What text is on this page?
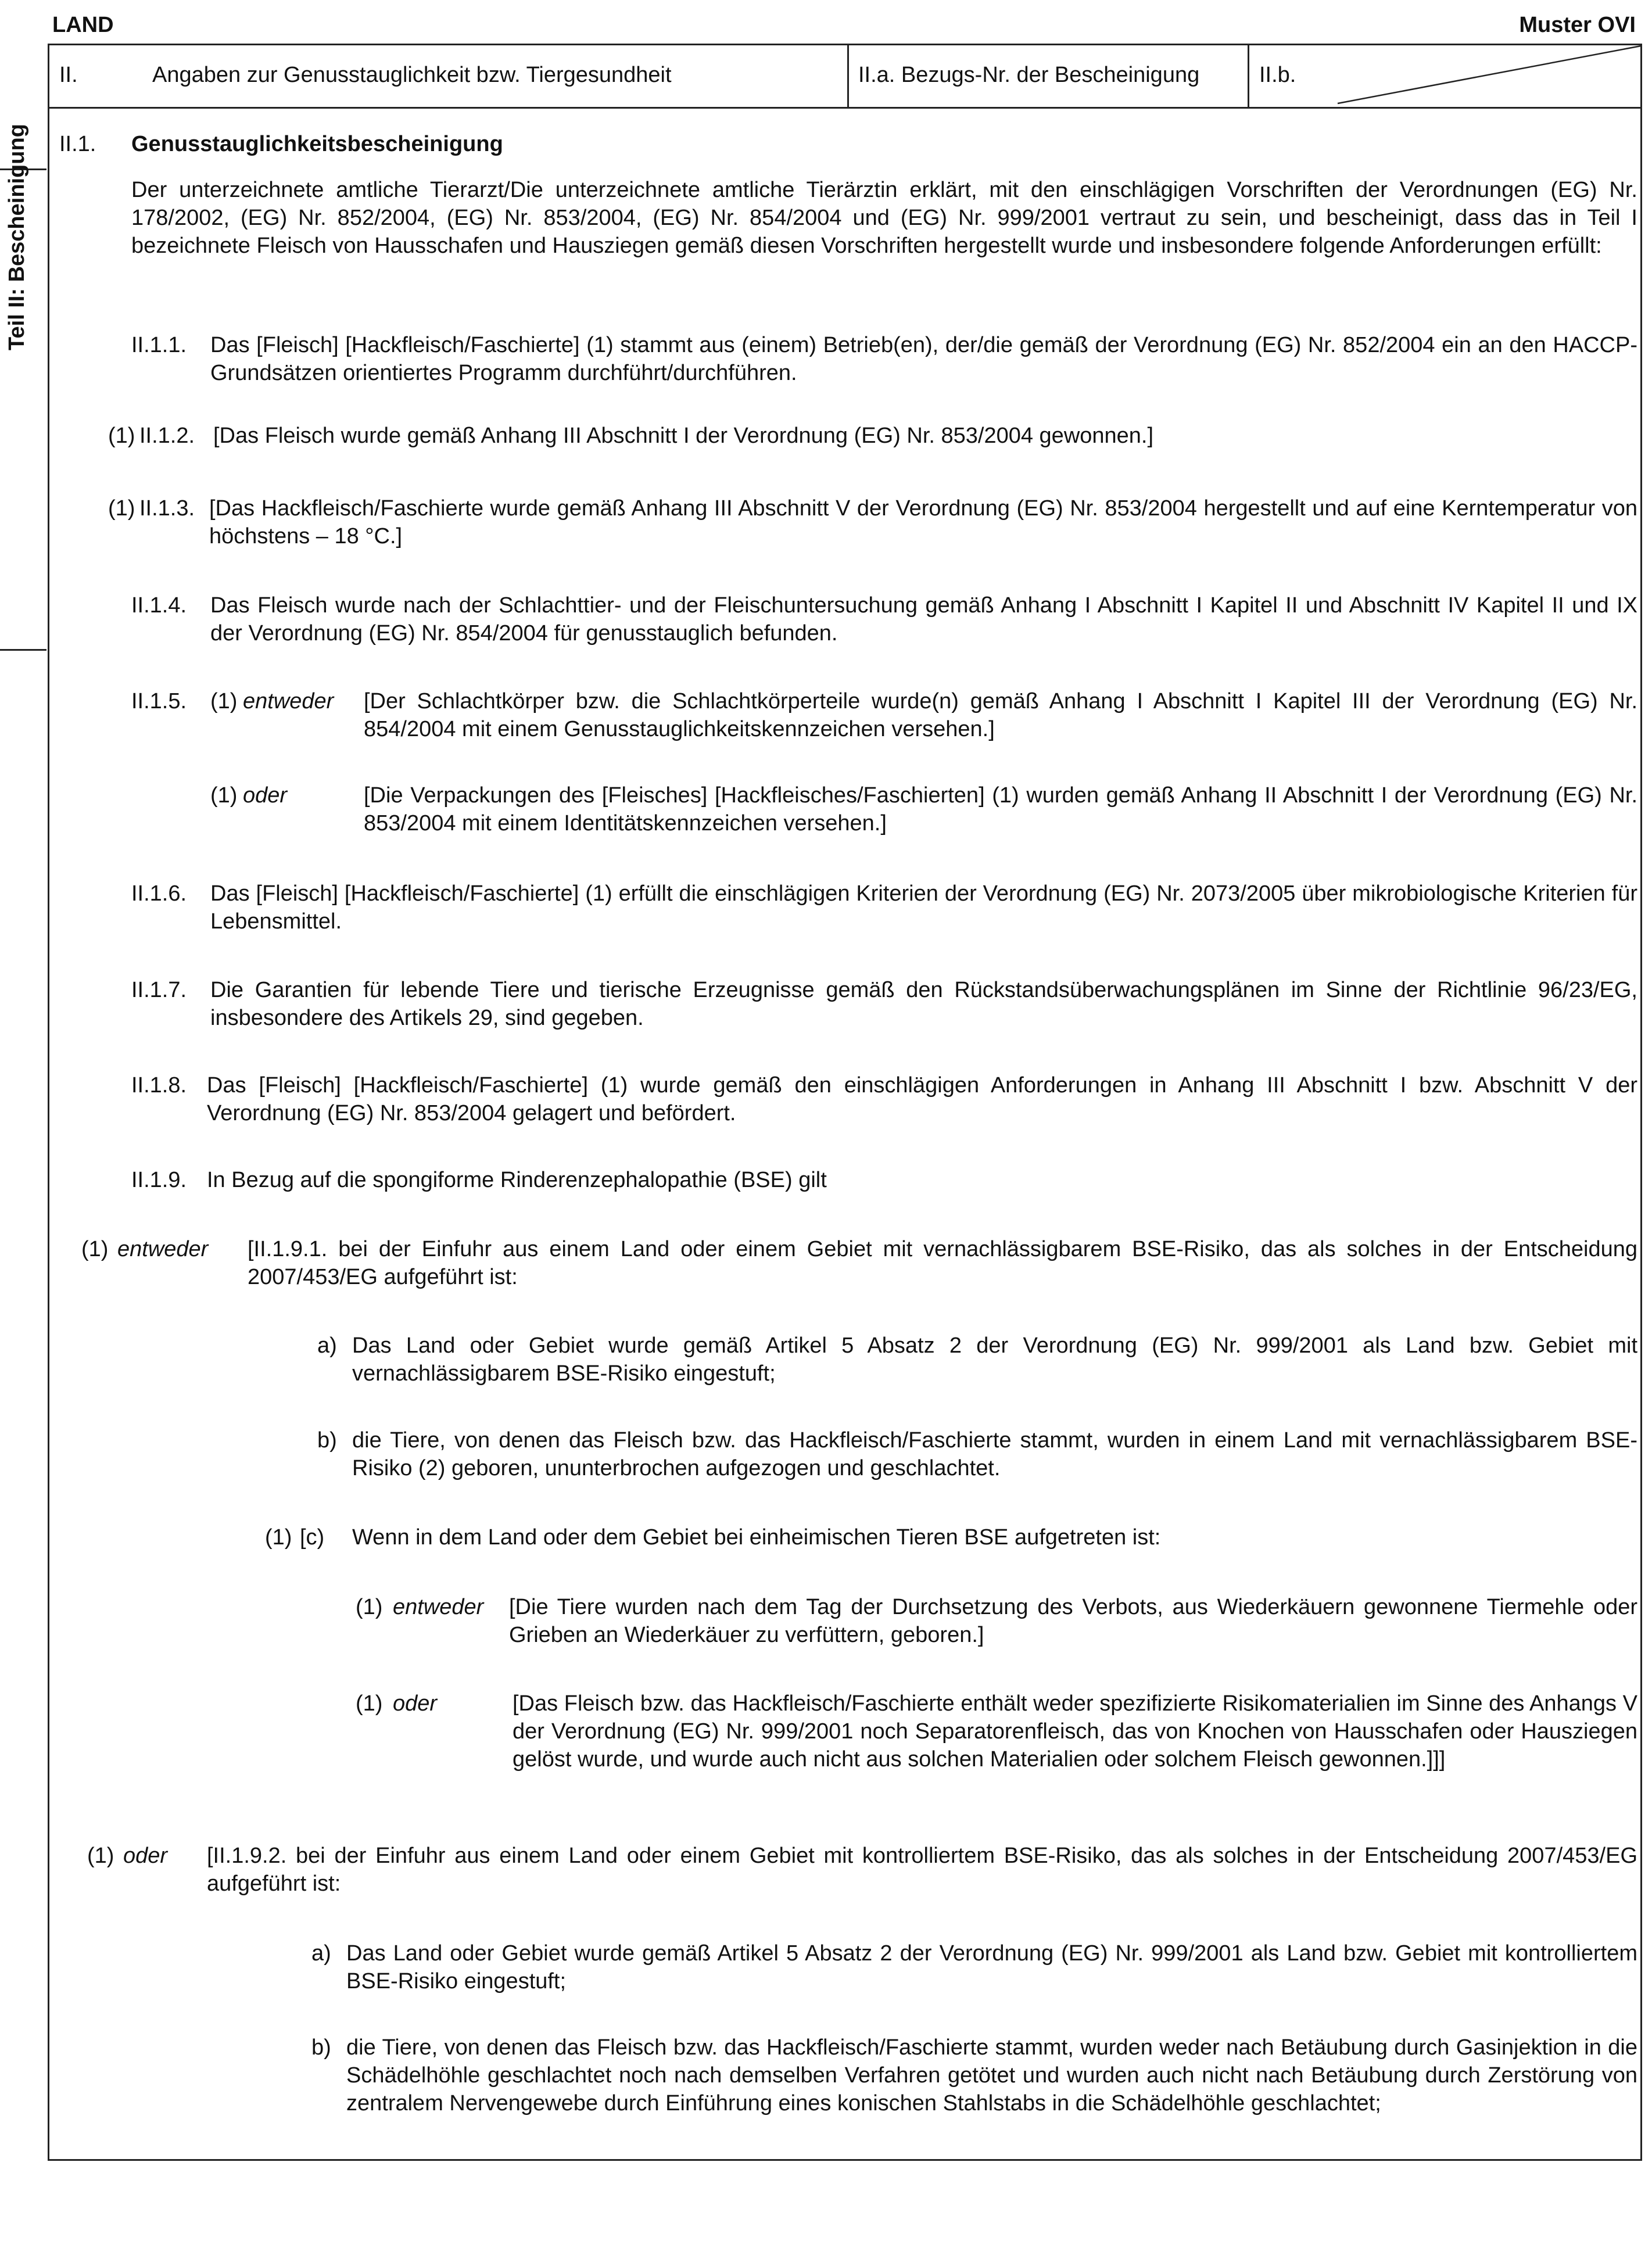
LAND	Muster OVI
II.	Angaben zur Genusstauglichkeit bzw. Tiergesundheit	II.a. Bezugs-Nr. der Bescheinigung	II.b.
Teil II: Bescheinigung II.1. Genusstauglichkeitsbescheinigung
Der unterzeichnete amtliche Tierarzt/Die unterzeichnete amtliche Tierärztin erklärt, mit den einschlägigen Vorschriften der Verordnungen (EG) Nr. 178/2002, (EG) Nr. 852/2004, (EG) Nr. 853/2004, (EG) Nr. 854/2004 und (EG) Nr. 999/2001 vertraut zu sein, und bescheinigt, dass das in Teil I bezeichnete Fleisch von Hausschafen und Hausziegen gemäß diesen Vorschriften hergestellt wurde und insbesondere folgende Anforderungen erfüllt:
II.1.1. Das [Fleisch] [Hackfleisch/Faschierte] (1) stammt aus (einem) Betrieb(en), der/die gemäß der Verordnung (EG) Nr. 852/2004 ein an den HACCP-Grundsätzen orientiertes Programm durchführt/durchführen.
(1) II.1.2. [Das Fleisch wurde gemäß Anhang III Abschnitt I der Verordnung (EG) Nr. 853/2004 gewonnen.]
(1) II.1.3. [Das Hackfleisch/Faschierte wurde gemäß Anhang III Abschnitt V der Verordnung (EG) Nr. 853/2004 hergestellt und auf eine Kerntemperatur von höchstens – 18 °C.]
II.1.4. Das Fleisch wurde nach der Schlachttier- und der Fleischuntersuchung gemäß Anhang I Abschnitt I Kapitel II und Abschnitt IV Kapitel II und IX der Verordnung (EG) Nr. 854/2004 für genusstauglich befunden.
II.1.5. (1) entweder [Der Schlachtkörper bzw. die Schlachtkörperteile wurde(n) gemäß Anhang I Abschnitt I Kapitel III der Verordnung (EG) Nr. 854/2004 mit einem Genusstauglichkeitskennzeichen versehen.]
(1) oder	[Die Verpackungen des [Fleisches] [Hackfleisches/Faschierten] (1) wurden gemäß Anhang II Abschnitt I der Verordnung (EG) Nr. 853/2004 mit einem Identitätskennzeichen versehen.]
II.1.6. Das [Fleisch] [Hackfleisch/Faschierte] (1) erfüllt die einschlägigen Kriterien der Verordnung (EG) Nr. 2073/2005 über mikrobiologische Kriterien für Lebensmittel.
II.1.7. Die Garantien für lebende Tiere und tierische Erzeugnisse gemäß den Rückstandsüberwachungsplänen im Sinne der Richtlinie 96/23/EG, insbesondere des Artikels 29, sind gegeben.
II.1.8. Das [Fleisch] [Hackfleisch/Faschierte] (1) wurde gemäß den einschlägigen Anforderungen in Anhang III Abschnitt I bzw. Abschnitt V der Verordnung (EG) Nr. 853/2004 gelagert und befördert.
II.1.9. In Bezug auf die spongiforme Rinderenzephalopathie (BSE) gilt
(1) entweder [II.1.9.1. bei der Einfuhr aus einem Land oder einem Gebiet mit vernachlässigbarem BSE-Risiko, das als solches in der Entscheidung 2007/453/EG aufgeführt ist:
a) Das Land oder Gebiet wurde gemäß Artikel 5 Absatz 2 der Verordnung (EG) Nr. 999/2001 als Land bzw. Gebiet mit vernachlässigbarem BSE-Risiko eingestuft;
b) die Tiere, von denen das Fleisch bzw. das Hackfleisch/Faschierte stammt, wurden in einem Land mit vernachlässigbarem BSE-Risiko (2) geboren, ununterbrochen aufgezogen und geschlachtet.
(1) [c) Wenn in dem Land oder dem Gebiet bei einheimischen Tieren BSE aufgetreten ist:
(1) entweder [Die Tiere wurden nach dem Tag der Durchsetzung des Verbots, aus Wiederkäuern gewonnene Tiermehle oder Grieben an Wiederkäuer zu verfüttern, geboren.]
(1) oder	[Das Fleisch bzw. das Hackfleisch/Faschierte enthält weder spezifizierte Risikomaterialien im Sinne des Anhangs V der Verordnung (EG) Nr. 999/2001 noch Separatorenfleisch, das von Knochen von Hausschafen oder Hausziegen gelöst wurde, und wurde auch nicht aus solchen Materialien oder solchem Fleisch gewonnen.]]]
(1) oder [II.1.9.2. bei der Einfuhr aus einem Land oder einem Gebiet mit kontrolliertem BSE-Risiko, das als solches in der Entscheidung 2007/453/EG aufgeführt ist:
a) Das Land oder Gebiet wurde gemäß Artikel 5 Absatz 2 der Verordnung (EG) Nr. 999/2001 als Land bzw. Gebiet mit kontrolliertem BSE-Risiko eingestuft;
b) die Tiere, von denen das Fleisch bzw. das Hackfleisch/Faschierte stammt, wurden weder nach Betäubung durch Gasinjektion in die Schädelhöhle geschlachtet noch nach demselben Verfahren getötet und wurden auch nicht nach Betäubung durch Zerstörung von zentralem Nervengewebe durch Einführung eines konischen Stahlstabs in die Schädelhöhle geschlachtet;
